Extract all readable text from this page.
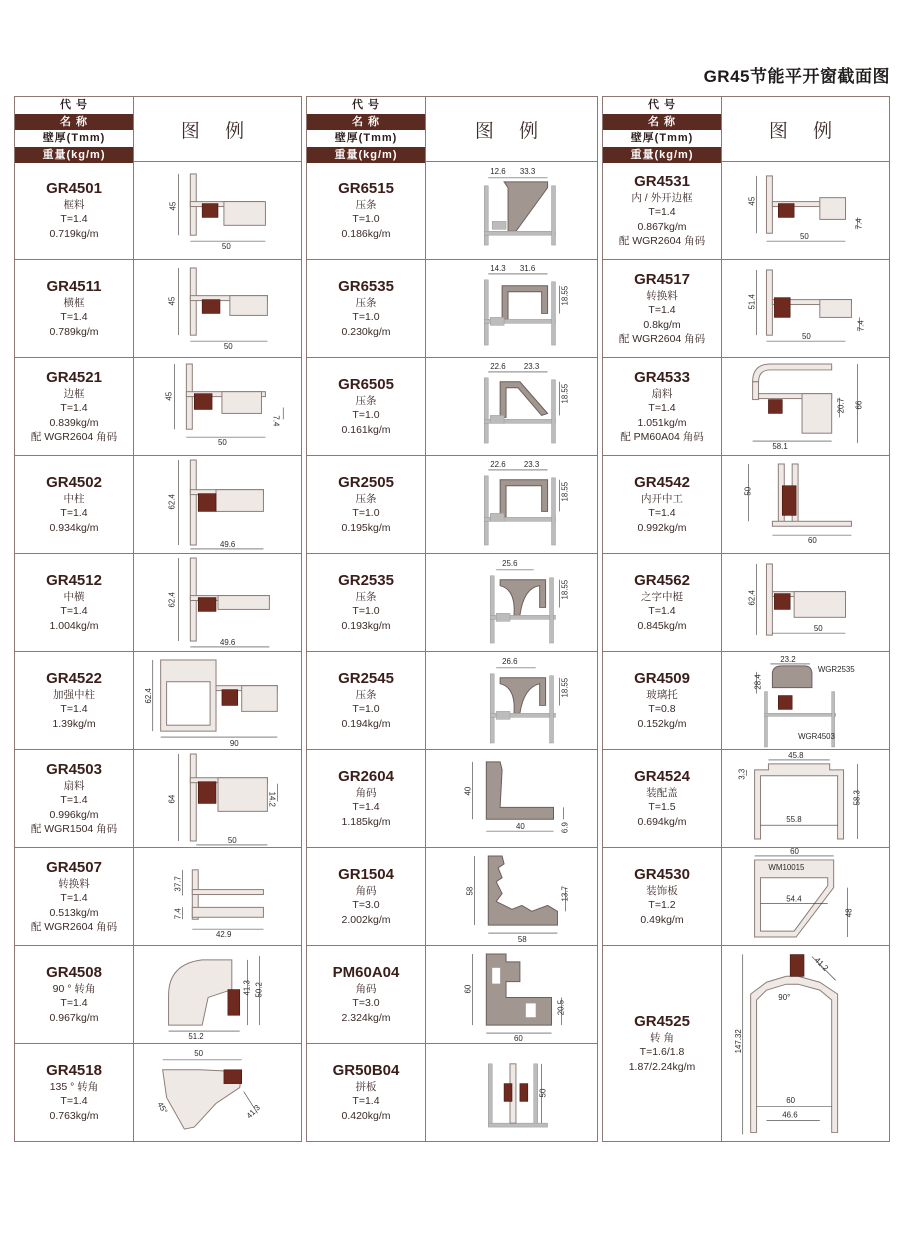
GR45节能平开窗截面图
代 号
名 称
壁厚(Tmm)
重量(kg/m)
图 例
GR4501
框料
T=1.4
0.719kg/m
45
50
GR4511
横框
T=1.4
0.789kg/m
45
50
GR4521
边框
T=1.4
0.839kg/m
配 WGR2604 角码
45
50
7.4
GR4502
中柱
T=1.4
0.934kg/m
62.4
49.6
GR4512
中横
T=1.4
1.004kg/m
62.4
49.6
GR4522
加强中柱
T=1.4
1.39kg/m
62.4
90
GR4503
扇料
T=1.4
0.996kg/m
配 WGR1504 角码
64
50
14.2
GR4507
转换料
T=1.4
0.513kg/m
配 WGR2604 角码
37.7
7.4
42.9
GR4508
90 ° 转角
T=1.4
0.967kg/m
41.3 50.2
51.2
GR4518
135 ° 转角
T=1.4
0.763kg/m
50
45°	41.3
代 号
名 称
壁厚(Tmm)
重量(kg/m)
图 例
GR6515
压条
T=1.0
0.186kg/m
12.6 33.3
GR6535
压条
T=1.0
0.230kg/m
14.3 31.6
18.55
GR6505
压条
T=1.0
0.161kg/m
22.6 23.3
18.55
GR2505
压条
T=1.0
0.195kg/m
22.6 23.3
18.55
GR2535
压条
T=1.0
0.193kg/m
25.6
18.55
GR2545
压条
T=1.0
0.194kg/m
26.6
18.55
GR2604
角码
T=1.4
1.185kg/m
40
40	6.9
GR1504
角码
T=3.0
2.002kg/m
58
58
13.7
PM60A04
角码
T=3.0
2.324kg/m
60
60
20.5
GR50B04
拼板
T=1.4
0.420kg/m
50
代 号
名 称
壁厚(Tmm)
重量(kg/m)
图 例
GR4531
内 / 外开边框
T=1.4
0.867kg/m
配 WGR2604 角码
45
50
7.4
GR4517
转换料
T=1.4
0.8kg/m
配 WGR2604 角码
51.4
50
7.4
GR4533
扇料
T=1.4
1.051kg/m
配 PM60A04 角码
20.7 66
58.1
GR4542
内开中工
T=1.4
0.992kg/m
50
60
GR4562
之字中梃
T=1.4
0.845kg/m
62.4
50
GR4509
玻璃托
T=0.8
0.152kg/m
23.2
28.4
WGR2535
WGR4503
GR4524
装配盖
T=1.5
0.694kg/m
45.8
3.3
55.8
58.3
GR4530
装饰板
T=1.2
0.49kg/m
60
WM10015
54.4
48
GR4525
转 角
T=1.6/1.8
1.87/2.24kg/m
41.2
90°
147.32
60
46.6
